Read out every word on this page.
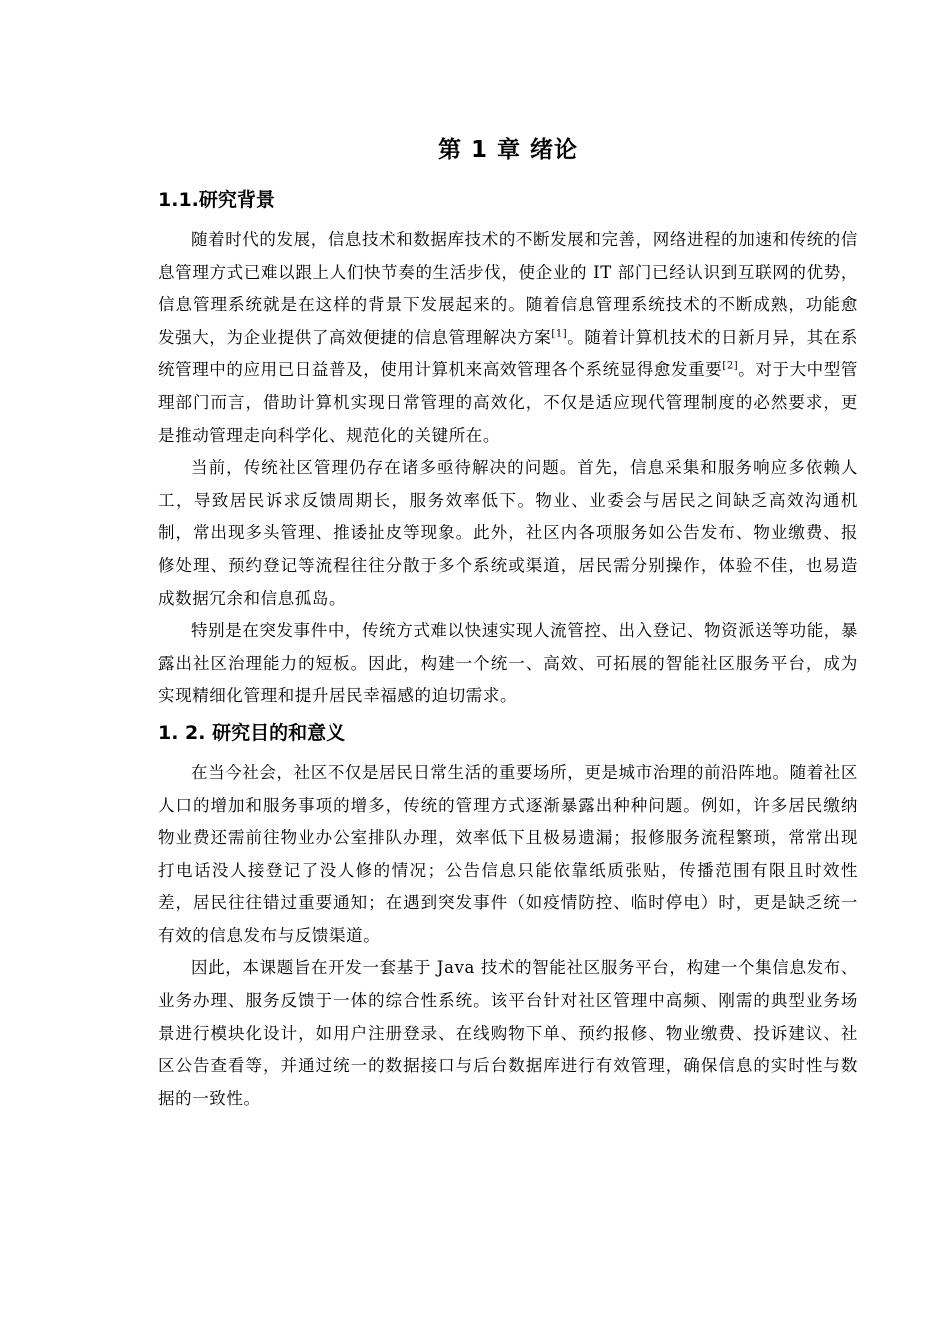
第 1 章 绪论
1.1.研究背景

随着时代的发展，信息技术和数据库技术的不断发展和完善，网络进程的加速和传统的信息管理方式已难以跟上人们快节奏的生活步伐，使企业的 IT 部门已经认识到互联网的优势，信息管理系统就是在这样的背景下发展起来的。随着信息管理系统技术的不断成熟，功能愈发强大，为企业提供了高效便捷的信息管理解决方案[1]。随着计算机技术的日新月异，其在系统管理中的应用已日益普及，使用计算机来高效管理各个系统显得愈发重要[2]。对于大中型管理部门而言，借助计算机实现日常管理的高效化，不仅是适应现代管理制度的必然要求，更是推动管理走向科学化、规范化的关键所在。

当前，传统社区管理仍存在诸多亟待解决的问题。首先，信息采集和服务响应多依赖人工，导致居民诉求反馈周期长，服务效率低下。物业、业委会与居民之间缺乏高效沟通机制，常出现多头管理、推诿扯皮等现象。此外，社区内各项服务如公告发布、物业缴费、报修处理、预约登记等流程往往分散于多个系统或渠道，居民需分别操作，体验不佳，也易造成数据冗余和信息孤岛。

特别是在突发事件中，传统方式难以快速实现人流管控、出入登记、物资派送等功能，暴露出社区治理能力的短板。因此，构建一个统一、高效、可拓展的智能社区服务平台，成为实现精细化管理和提升居民幸福感的迫切需求。

1. 2. 研究目的和意义

在当今社会，社区不仅是居民日常生活的重要场所，更是城市治理的前沿阵地。随着社区人口的增加和服务事项的增多，传统的管理方式逐渐暴露出种种问题。例如，许多居民缴纳物业费还需前往物业办公室排队办理，效率低下且极易遗漏；报修服务流程繁琐，常常出现打电话没人接登记了没人修的情况；公告信息只能依靠纸质张贴，传播范围有限且时效性差，居民往往错过重要通知；在遇到突发事件（如疫情防控、临时停电）时，更是缺乏统一有效的信息发布与反馈渠道。

因此，本课题旨在开发一套基于 Java 技术的智能社区服务平台，构建一个集信息发布、业务办理、服务反馈于一体的综合性系统。该平台针对社区管理中高频、刚需的典型业务场景进行模块化设计，如用户注册登录、在线购物下单、预约报修、物业缴费、投诉建议、社区公告查看等，并通过统一的数据接口与后台数据库进行有效管理，确保信息的实时性与数据的一致性。
